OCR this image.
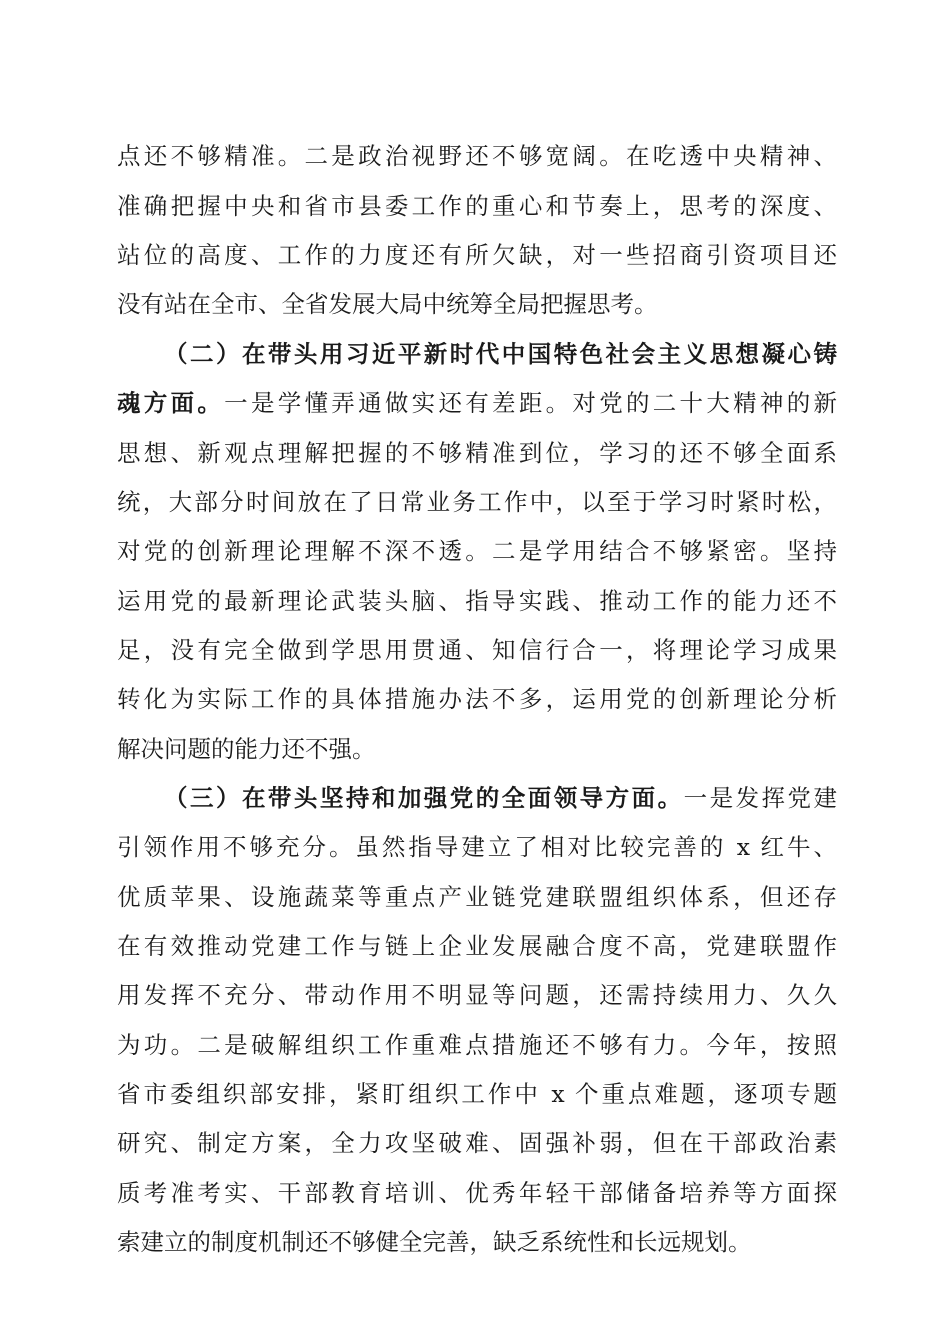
点还不够精准。二是政治视野还不够宽阔。在吃透中央精神、
准确把握中央和省市县委工作的重心和节奏上，思考的深度、
站位的高度、工作的力度还有所欠缺，对一些招商引资项目还
没有站在全市、全省发展大局中统筹全局把握思考。
（二）在带头用习近平新时代中国特色社会主义思想凝心铸
魂方面。一是学懂弄通做实还有差距。对党的二十大精神的新
思想、新观点理解把握的不够精准到位，学习的还不够全面系
统，大部分时间放在了日常业务工作中，以至于学习时紧时松，
对党的创新理论理解不深不透。二是学用结合不够紧密。坚持
运用党的最新理论武装头脑、指导实践、推动工作的能力还不
足，没有完全做到学思用贯通、知信行合一，将理论学习成果
转化为实际工作的具体措施办法不多，运用党的创新理论分析
解决问题的能力还不强。
（三）在带头坚持和加强党的全面领导方面。一是发挥党建
引领作用不够充分。虽然指导建立了相对比较完善的 x 红牛、
优质苹果、设施蔬菜等重点产业链党建联盟组织体系，但还存
在有效推动党建工作与链上企业发展融合度不高，党建联盟作
用发挥不充分、带动作用不明显等问题，还需持续用力、久久
为功。二是破解组织工作重难点措施还不够有力。今年，按照
省市委组织部安排，紧盯组织工作中 x 个重点难题，逐项专题
研究、制定方案，全力攻坚破难、固强补弱，但在干部政治素
质考准考实、干部教育培训、优秀年轻干部储备培养等方面探
索建立的制度机制还不够健全完善，缺乏系统性和长远规划。
